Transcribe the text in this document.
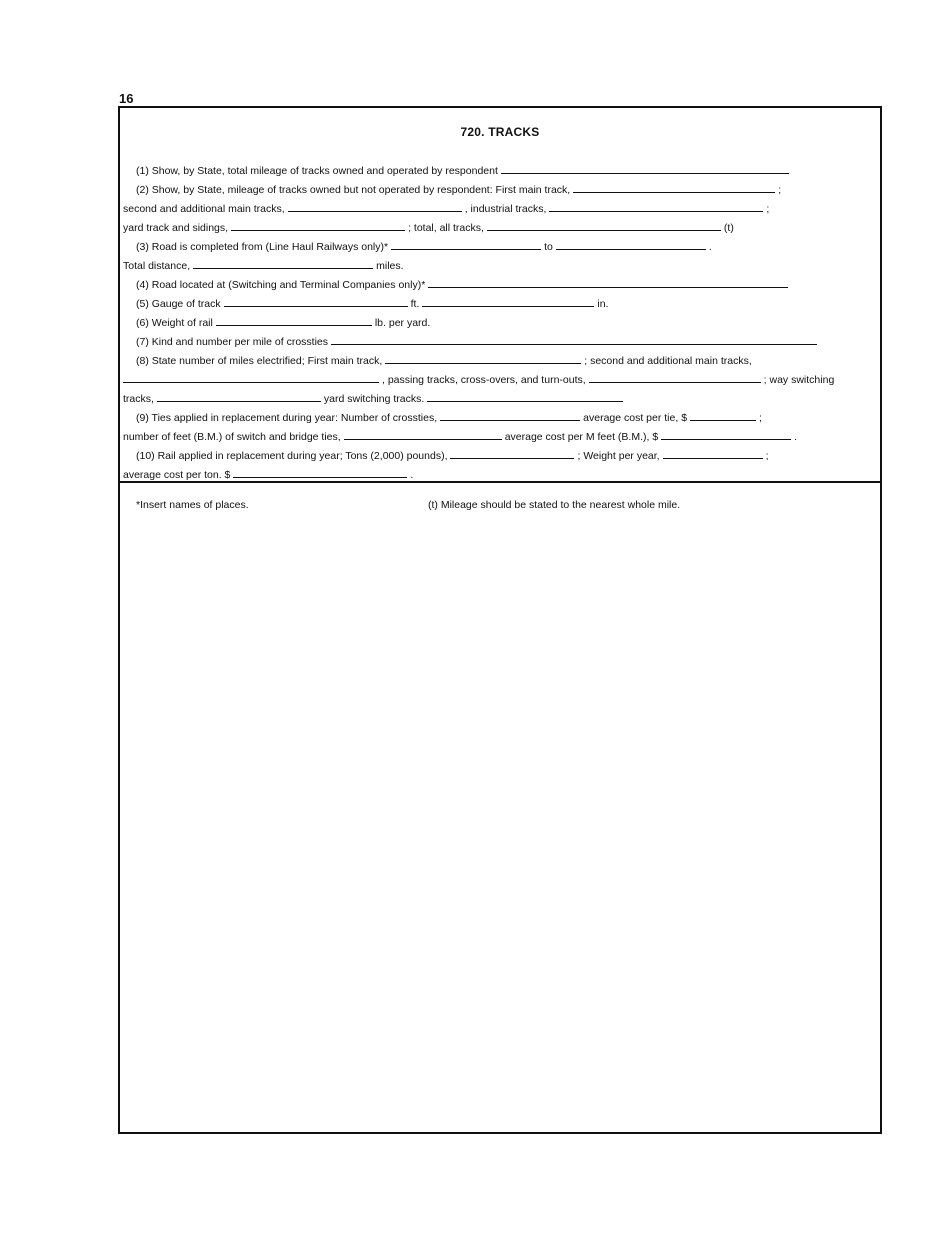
16
720. TRACKS
(1) Show, by State, total mileage of tracks owned and operated by respondent
(2) Show, by State, mileage of tracks owned but not operated by respondent: First main track,	;
second and additional main tracks,	, industrial tracks,	;
yard track and sidings,	; total, all tracks,	(t)
(3) Road is completed from (Line Haul Railways only)*	to	.
Total distance,	miles.
(4) Road located at (Switching and Terminal Companies only)*
(5) Gauge of track	ft.	in.
(6) Weight of rail	lb. per yard.
(7) Kind and number per mile of crossties
(8) State number of miles electrified; First main track,	; second and additional main tracks,
, passing tracks, cross-overs, and turn-outs,	; way switching
tracks,	yard switching tracks.
(9) Ties applied in replacement during year: Number of crossties,	average cost per tie, $	;
number of feet (B.M.) of switch and bridge ties,	average cost per M feet (B.M.), $	.
(10) Rail applied in replacement during year; Tons (2,000) pounds),	; Weight per year,	;
average cost per ton. $	.
*Insert names of places.	(t) Mileage should be stated to the nearest whole mile.
